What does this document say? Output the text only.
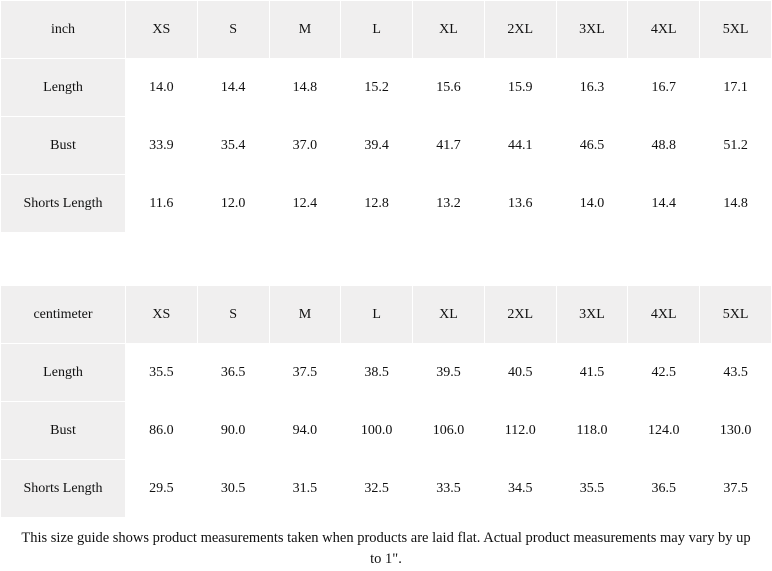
inch	XS	S	M	L	XL	2XL	3XL	4XL	5XL
Length	14.0	14.4	14.8	15.2	15.6	15.9	16.3	16.7	17.1
Bust	33.9	35.4	37.0	39.4	41.7	44.1	46.5	48.8	51.2
Shorts Length	11.6	12.0	12.4	12.8	13.2	13.6	14.0	14.4	14.8
centimeter	XS	S	M	L	XL	2XL	3XL	4XL	5XL
Length	35.5	36.5	37.5	38.5	39.5	40.5	41.5	42.5	43.5
Bust	86.0	90.0	94.0	100.0	106.0	112.0	118.0	124.0	130.0
Shorts Length	29.5	30.5	31.5	32.5	33.5	34.5	35.5	36.5	37.5
This size guide shows product measurements taken when products are laid flat. Actual product measurements may vary by up to 1".
